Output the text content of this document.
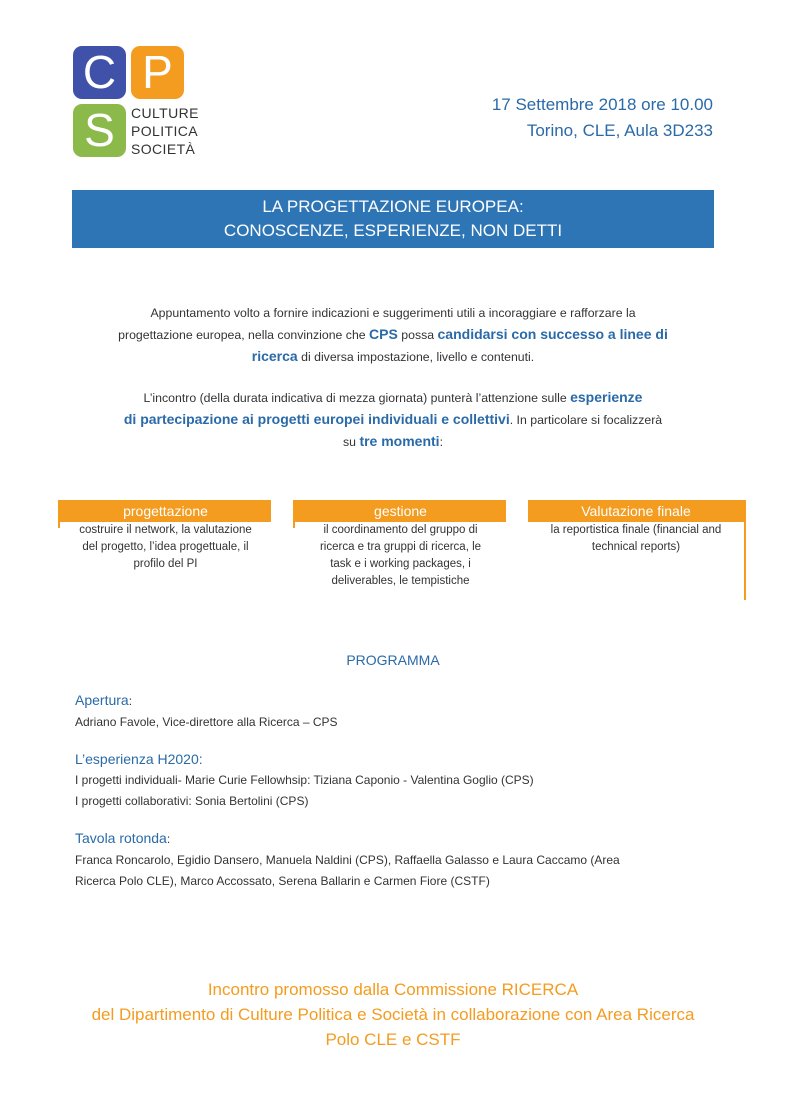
C P
S	CULTURE
POLITICA
SOCIETÀ
17 Settembre 2018 ore 10.00
Torino, CLE, Aula 3D233
LA PROGETTAZIONE EUROPEA:
CONOSCENZE, ESPERIENZE, NON DETTI
Appuntamento volto a fornire indicazioni e suggerimenti utili a incoraggiare e rafforzare la
progettazione europea, nella convinzione che CPS possa candidarsi con successo a linee di
ricerca di diversa impostazione, livello e contenuti.
L’incontro (della durata indicativa di mezza giornata) punterà l’attenzione sulle esperienze
di partecipazione ai progetti europei individuali e collettivi. In particolare si focalizzerà
su tre momenti:
progettazione
costruire il network, la valutazione
del progetto, l’idea progettuale, il
profilo del PI
gestione
il coordinamento del gruppo di
ricerca e tra gruppi di ricerca, le
task e i working packages, i
deliverables, le tempistiche
Valutazione finale
la reportistica finale (financial and
technical reports)
PROGRAMMA
Apertura:
Adriano Favole, Vice-direttore alla Ricerca – CPS
L’esperienza H2020:
I progetti individuali- Marie Curie Fellowhsip: Tiziana Caponio - Valentina Goglio (CPS)
I progetti collaborativi: Sonia Bertolini (CPS)
Tavola rotonda:
Franca Roncarolo, Egidio Dansero, Manuela Naldini (CPS), Raffaella Galasso e Laura Caccamo (Area
Ricerca Polo CLE), Marco Accossato, Serena Ballarin e Carmen Fiore (CSTF)
Incontro promosso dalla Commissione RICERCA
del Dipartimento di Culture Politica e Società in collaborazione con Area Ricerca
Polo CLE e CSTF
